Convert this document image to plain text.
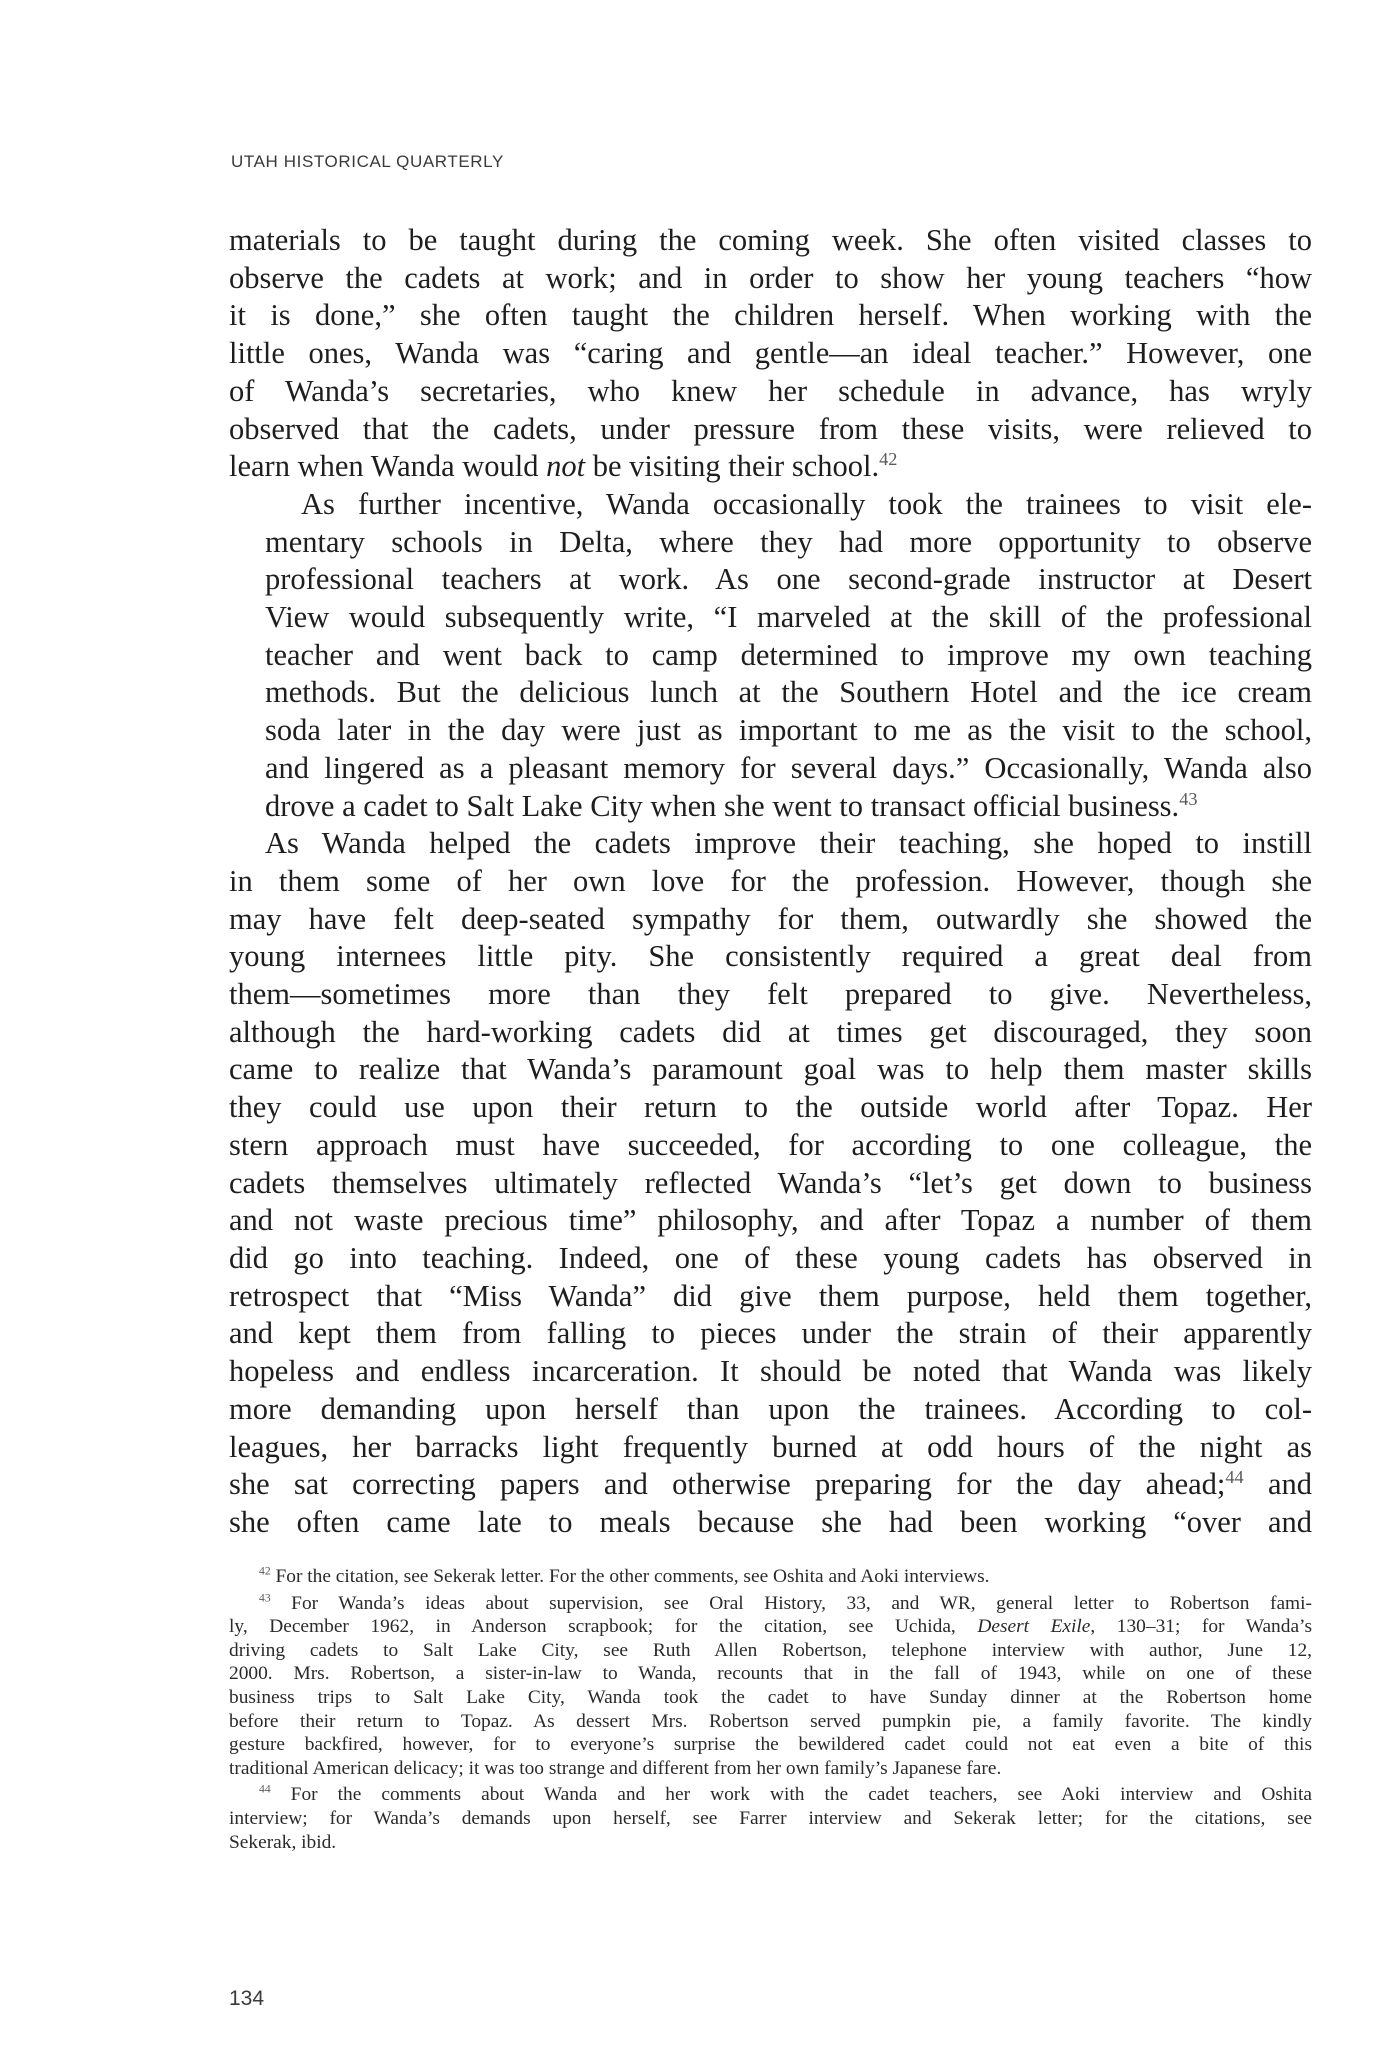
UTAH HISTORICAL QUARTERLY

materials to be taught during the coming week. She often visited classes to
observe the cadets at work; and in order to show her young teachers “how
it is done,” she often taught the children herself. When working with the
little ones, Wanda was “caring and gentle—an ideal teacher.” However, one
of Wanda’s secretaries, who knew her schedule in advance, has wryly
observed that the cadets, under pressure from these visits, were relieved to
learn when Wanda would not be visiting their school.$^{42}$

As further incentive, Wanda occasionally took the trainees to visit ele-
mentary schools in Delta, where they had more opportunity to observe
professional teachers at work. As one second-grade instructor at Desert
View would subsequently write, “I marveled at the skill of the professional
teacher and went back to camp determined to improve my own teaching
methods. But the delicious lunch at the Southern Hotel and the ice cream
soda later in the day were just as important to me as the visit to the school,
and lingered as a pleasant memory for several days.” Occasionally, Wanda also
drove a cadet to Salt Lake City when she went to transact official business.$^{43}$

As Wanda helped the cadets improve their teaching, she hoped to instill
in them some of her own love for the profession. However, though she
may have felt deep-seated sympathy for them, outwardly she showed the
young internees little pity. She consistently required a great deal from
them—sometimes more than they felt prepared to give. Nevertheless,
although the hard-working cadets did at times get discouraged, they soon
came to realize that Wanda’s paramount goal was to help them master skills
they could use upon their return to the outside world after Topaz. Her
stern approach must have succeeded, for according to one colleague, the
cadets themselves ultimately reflected Wanda’s “let’s get down to business
and not waste precious time” philosophy, and after Topaz a number of them
did go into teaching. Indeed, one of these young cadets has observed in
retrospect that “Miss Wanda” did give them purpose, held them together,
and kept them from falling to pieces under the strain of their apparently
hopeless and endless incarceration. It should be noted that Wanda was likely
more demanding upon herself than upon the trainees. According to col-
leagues, her barracks light frequently burned at odd hours of the night as
she sat correcting papers and otherwise preparing for the day ahead;$^{44}$ and
she often came late to meals because she had been working “over and

$^{42}$ For the citation, see Sekerak letter. For the other comments, see Oshita and Aoki interviews.
$^{43}$ For Wanda’s ideas about supervision, see Oral History, 33, and WR, general letter to Robertson fami-
ly, December 1962, in Anderson scrapbook; for the citation, see Uchida, Desert Exile, 130–31; for Wanda’s
driving cadets to Salt Lake City, see Ruth Allen Robertson, telephone interview with author, June 12,
2000. Mrs. Robertson, a sister-in-law to Wanda, recounts that in the fall of 1943, while on one of these
business trips to Salt Lake City, Wanda took the cadet to have Sunday dinner at the Robertson home
before their return to Topaz. As dessert Mrs. Robertson served pumpkin pie, a family favorite. The kindly
gesture backfired, however, for to everyone’s surprise the bewildered cadet could not eat even a bite of this
traditional American delicacy; it was too strange and different from her own family’s Japanese fare.
$^{44}$ For the comments about Wanda and her work with the cadet teachers, see Aoki interview and Oshita
interview; for Wanda’s demands upon herself, see Farrer interview and Sekerak letter; for the citations, see
Sekerak, ibid.
134
